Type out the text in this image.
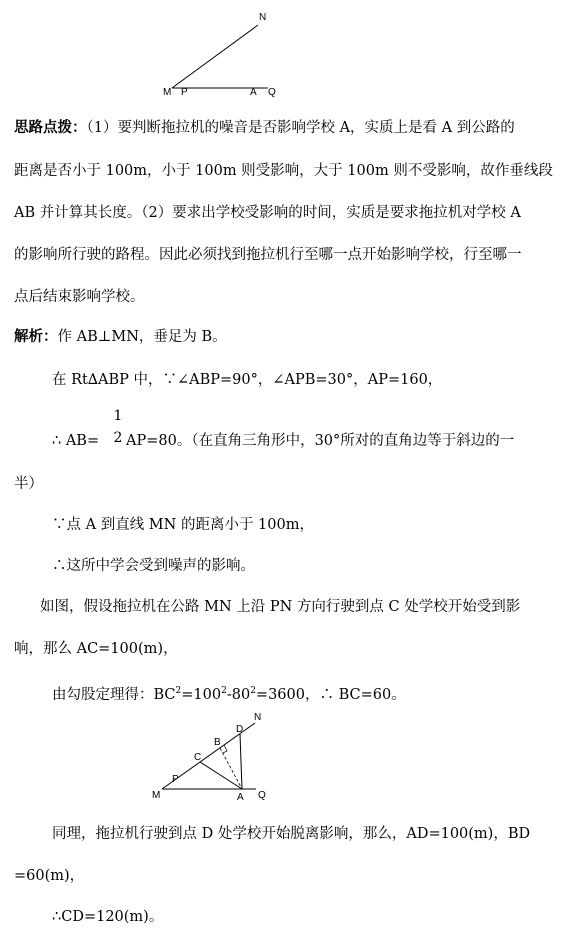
N
M P	A Q
思路点拨：（1）要判断拖拉机的噪音是否影响学校 A，实质上是看 A 到公路的
距离是否小于 100m，小于 100m 则受影响，大于 100m 则不受影响，故作垂线段
AB 并计算其长度。（2）要求出学校受影响的时间，实质是要求拖拉机对学校 A
的影响所行驶的路程。因此必须找到拖拉机行至哪一点开始影响学校，行至哪一
点后结束影响学校。
解析：作 AB⊥MN，垂足为 B。
在 Rt∆ABP 中，∵∠ABP=90°，∠APB=30°，AP=160，
1
2
∴ AB=	AP=80。（在直角三角形中，30°所对的直角边等于斜边的一
半）
∵点 A 到直线 MN 的距离小于 100m，
∴这所中学会受到噪声的影响。
如图，假设拖拉机在公路 MN 上沿 PN 方向行驶到点 C 处学校开始受到影
响，那么 AC=100(m)，
由勾股定理得：$BC^2=100^2-80^2=3600$，∴ BC=60。
N
D
B
C
P
M	A Q
同理，拖拉机行驶到点 D 处学校开始脱离影响，那么，AD=100(m)，BD
=60(m)，
∴CD=120(m)。
